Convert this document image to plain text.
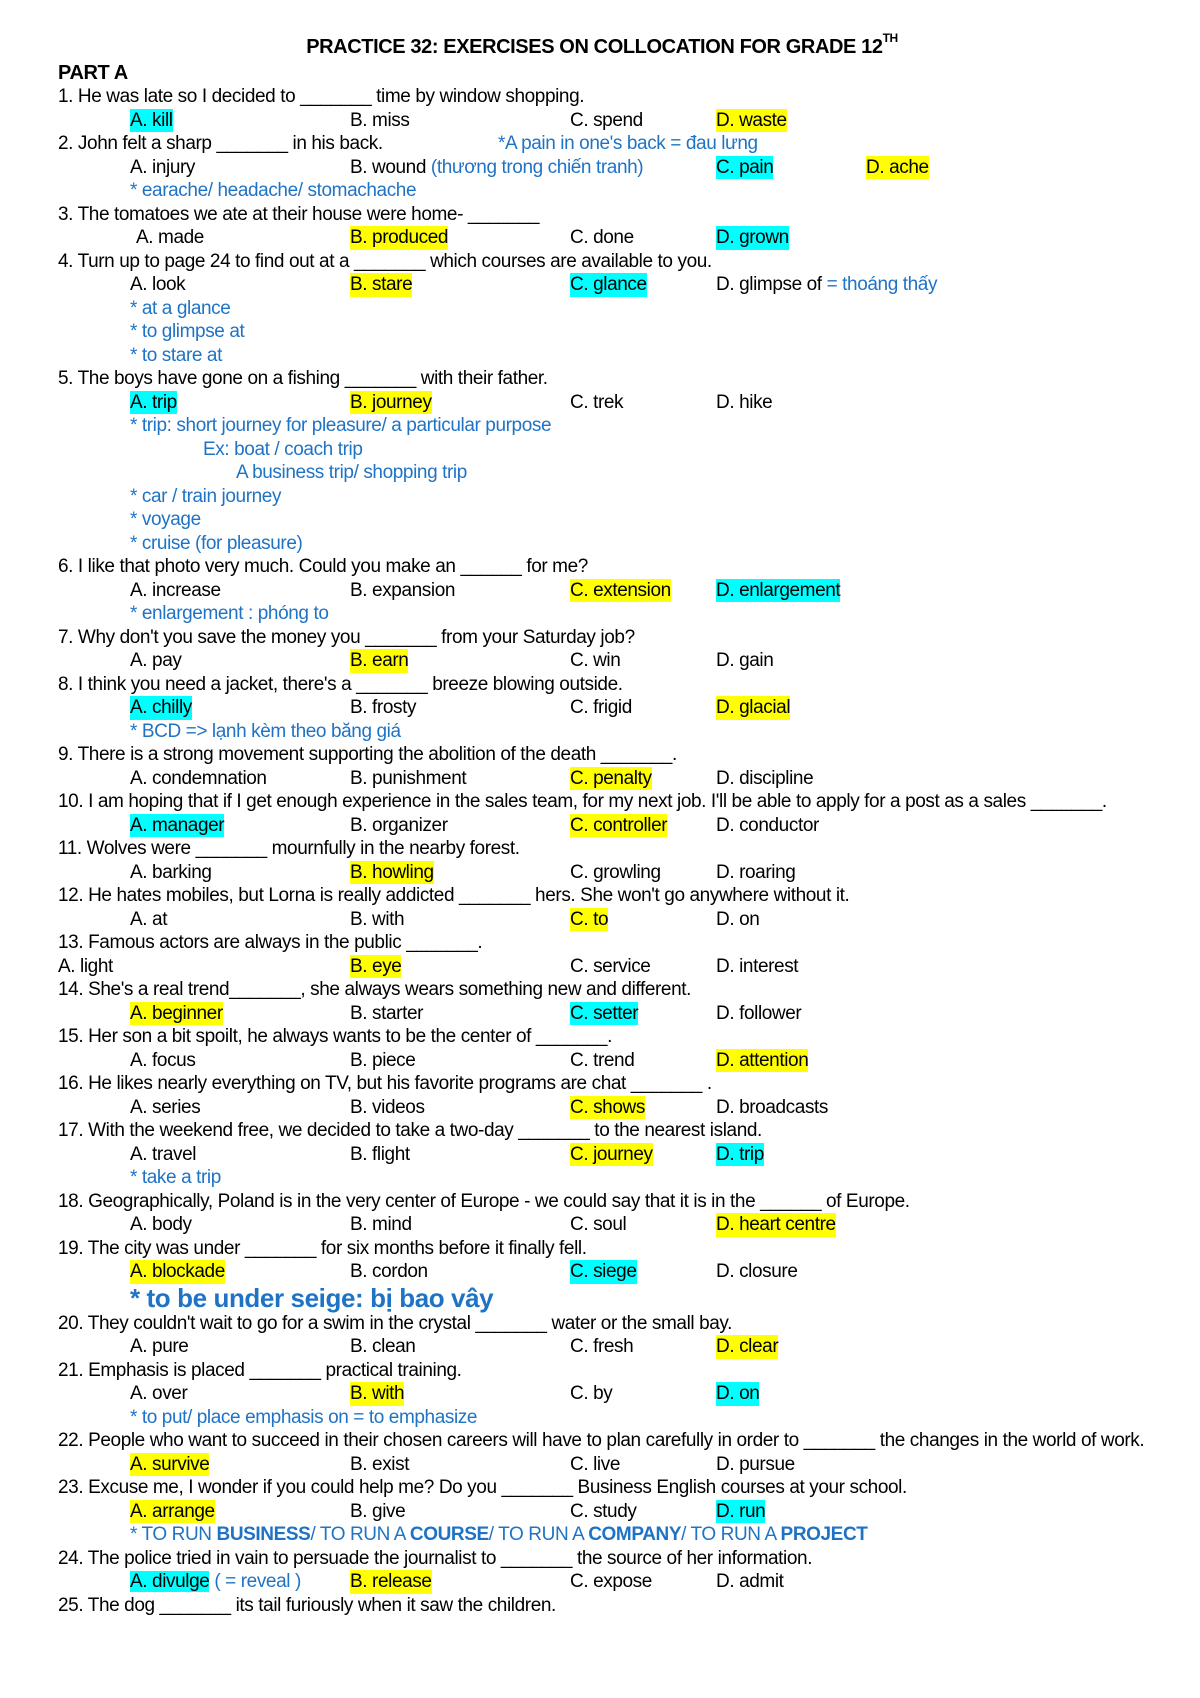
PRACTICE 32: EXERCISES ON COLLOCATION FOR GRADE 12TH
PART A
1. He was late so I decided to _______ time by window shopping.
A. kill	B. miss	C. spend	D. waste
2. John felt a sharp _______ in his back.	*A pain in one's back = đau lưng
A. injury	B. wound (thương trong chiến tranh)	C. pain	D. ache
* earache/ headache/ stomachache
3. The tomatoes we ate at their house were home- _______
A. made	B. produced	C. done	D. grown
4. Turn up to page 24 to find out at a _______ which courses are available to you.
A. look	B. stare	C. glance	D. glimpse of = thoáng thấy
* at a glance
* to glimpse at
* to stare at
5. The boys have gone on a fishing _______ with their father.
A. trip	B. journey	C. trek	D. hike
* trip: short journey for pleasure/ a particular purpose
Ex: boat / coach trip
A business trip/ shopping trip
* car / train journey
* voyage
* cruise (for pleasure)
6. I like that photo very much. Could you make an ______ for me?
A. increase	B. expansion	C. extension D. enlargement
* enlargement : phóng to
7. Why don't you save the money you _______ from your Saturday job?
A. pay	B. earn	C. win	D. gain
8. I think you need a jacket, there's a _______ breeze blowing outside.
A. chilly	B. frosty	C. frigid	D. glacial
* BCD => lạnh kèm theo băng giá
9. There is a strong movement supporting the abolition of the death _______.
A. condemnation	B. punishment	C. penalty	D. discipline
10. I am hoping that if I get enough experience in the sales team, for my next job. I'll be able to apply for a post as a sales _______.
A. manager	B. organizer	C. controller	D. conductor
11. Wolves were _______ mournfully in the nearby forest.
A. barking	B. howling	C. growling	D. roaring
12. He hates mobiles, but Lorna is really addicted _______ hers. She won't go anywhere without it.
A. at	B. with	C. to	D. on
13. Famous actors are always in the public _______.
A. light	B. eye	C. service	D. interest
14. She's a real trend_______, she always wears something new and different.
A. beginner	B. starter	C. setter	D. follower
15. Her son a bit spoilt, he always wants to be the center of _______.
A. focus	B. piece	C. trend	D. attention
16. He likes nearly everything on TV, but his favorite programs are chat _______ .
A. series	B. videos	C. shows	D. broadcasts
17. With the weekend free, we decided to take a two-day _______ to the nearest island.
A. travel	B. flight	C. journey	D. trip
* take a trip
18. Geographically, Poland is in the very center of Europe - we could say that it is in the ______ of Europe.
A. body	B. mind	C. soul	D. heart centre
19. The city was under _______ for six months before it finally fell.
A. blockade	B. cordon	C. siege	D. closure
* to be under seige: bị bao vây
20. They couldn't wait to go for a swim in the crystal _______ water or the small bay.
A. pure	B. clean	C. fresh	D. clear
21. Emphasis is placed _______ practical training.
A. over	B. with	C. by	D. on
* to put/ place emphasis on = to emphasize
22. People who want to succeed in their chosen careers will have to plan carefully in order to _______ the changes in the world of work.
A. survive	B. exist	C. live	D. pursue
23. Excuse me, I wonder if you could help me? Do you _______ Business English courses at your school.
A. arrange	B. give	C. study	D. run
* TO RUN BUSINESS/ TO RUN A COURSE/ TO RUN A COMPANY/ TO RUN A PROJECT
24. The police tried in vain to persuade the journalist to _______ the source of her information.
A. divulge ( = reveal )	B. release	C. expose	D. admit
25. The dog _______ its tail furiously when it saw the children.
